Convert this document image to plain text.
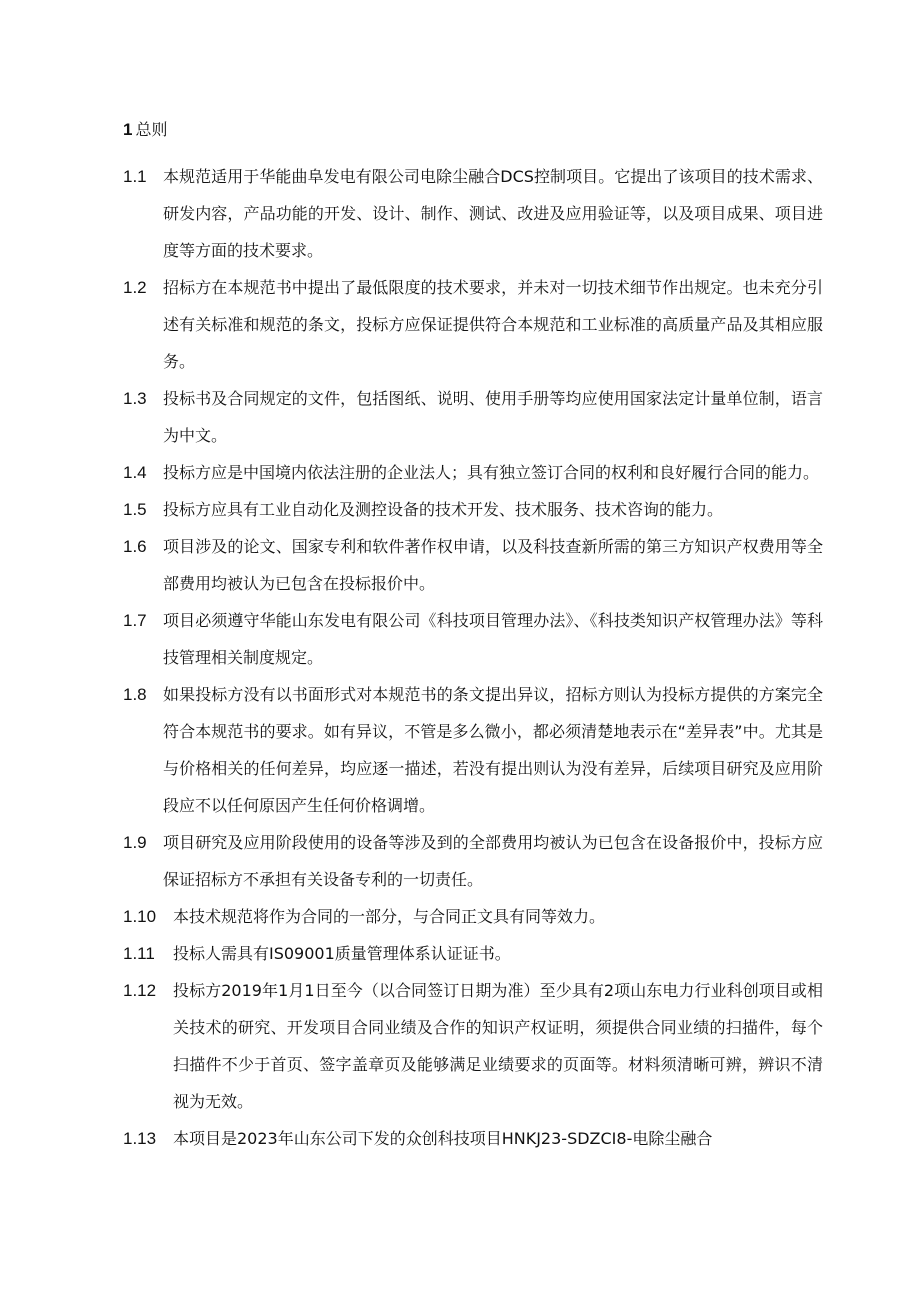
1 总则
1.1 本规范适用于华能曲阜发电有限公司电除尘融合DCS控制项目。它提出了该项目的技术需求、研发内容，产品功能的开发、设计、制作、测试、改进及应用验证等，以及项目成果、项目进度等方面的技术要求。
1.2 招标方在本规范书中提出了最低限度的技术要求，并未对一切技术细节作出规定。也未充分引述有关标准和规范的条文，投标方应保证提供符合本规范和工业标准的高质量产品及其相应服务。
1.3 投标书及合同规定的文件，包括图纸、说明、使用手册等均应使用国家法定计量单位制，语言为中文。
1.4 投标方应是中国境内依法注册的企业法人；具有独立签订合同的权利和良好履行合同的能力。
1.5 投标方应具有工业自动化及测控设备的技术开发、技术服务、技术咨询的能力。
1.6 项目涉及的论文、国家专利和软件著作权申请，以及科技查新所需的第三方知识产权费用等全部费用均被认为已包含在投标报价中。
1.7 项目必须遵守华能山东发电有限公司《科技项目管理办法》、《科技类知识产权管理办法》等科技管理相关制度规定。
1.8 如果投标方没有以书面形式对本规范书的条文提出异议，招标方则认为投标方提供的方案完全符合本规范书的要求。如有异议，不管是多么微小，都必须清楚地表示在“差异表”中。尤其是与价格相关的任何差异，均应逐一描述，若没有提出则认为没有差异，后续项目研究及应用阶段应不以任何原因产生任何价格调增。
1.9 项目研究及应用阶段使用的设备等涉及到的全部费用均被认为已包含在设备报价中，投标方应保证招标方不承担有关设备专利的一切责任。
1.10 本技术规范将作为合同的一部分，与合同正文具有同等效力。
1.11 投标人需具有IS09001质量管理体系认证证书。
1.12 投标方2019年1月1日至今（以合同签订日期为准）至少具有2项山东电力行业科创项目或相关技术的研究、开发项目合同业绩及合作的知识产权证明，须提供合同业绩的扫描件，每个扫描件不少于首页、签字盖章页及能够满足业绩要求的页面等。材料须清晰可辨，辨识不清视为无效。
1.13 本项目是2023年山东公司下发的众创科技项目HNKJ23-SDZCI8-电除尘融合
